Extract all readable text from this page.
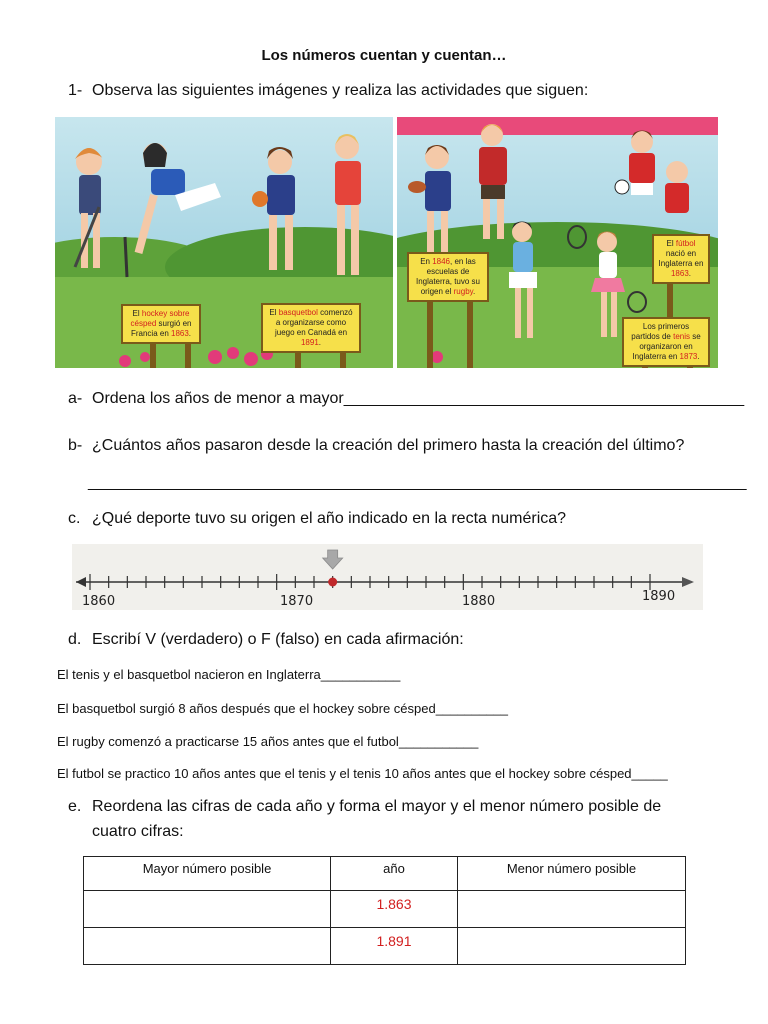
Los números cuentan y cuentan…
1- Observa las siguientes imágenes y realiza las actividades que siguen:
El hockey sobre césped surgió en Francia en 1863.
El basquetbol comenzó a organizarse como juego en Canadá en 1891.
En 1846, en las escuelas de Inglaterra, tuvo su origen el rugby.
El fútbol nació en Inglaterra en 1863.
Los primeros partidos de tenis se organizaron en Inglaterra en 1873.
a- Ordena los años de menor a mayor_____________________________________________
b- ¿Cuántos años pasaron desde la creación del primero hasta la creación del último?
__________________________________________________________________________
c. ¿Qué deporte tuvo su origen el año indicado en la recta numérica?
1860	1870	1880	1890
d. Escribí V (verdadero) o F (falso) en cada afirmación:
El tenis y el basquetbol nacieron en Inglaterra___________
El basquetbol surgió 8 años después que el hockey sobre césped__________
El rugby comenzó a practicarse 15 años antes que el futbol___________
El futbol se practico 10 años antes que el tenis y el tenis 10 años antes que el hockey sobre césped_____
e. Reordena las cifras de cada año y forma el mayor y el menor número posible de
cuatro cifras:
Mayor número posible	año	Menor número posible
	1.863	
	1.891	
